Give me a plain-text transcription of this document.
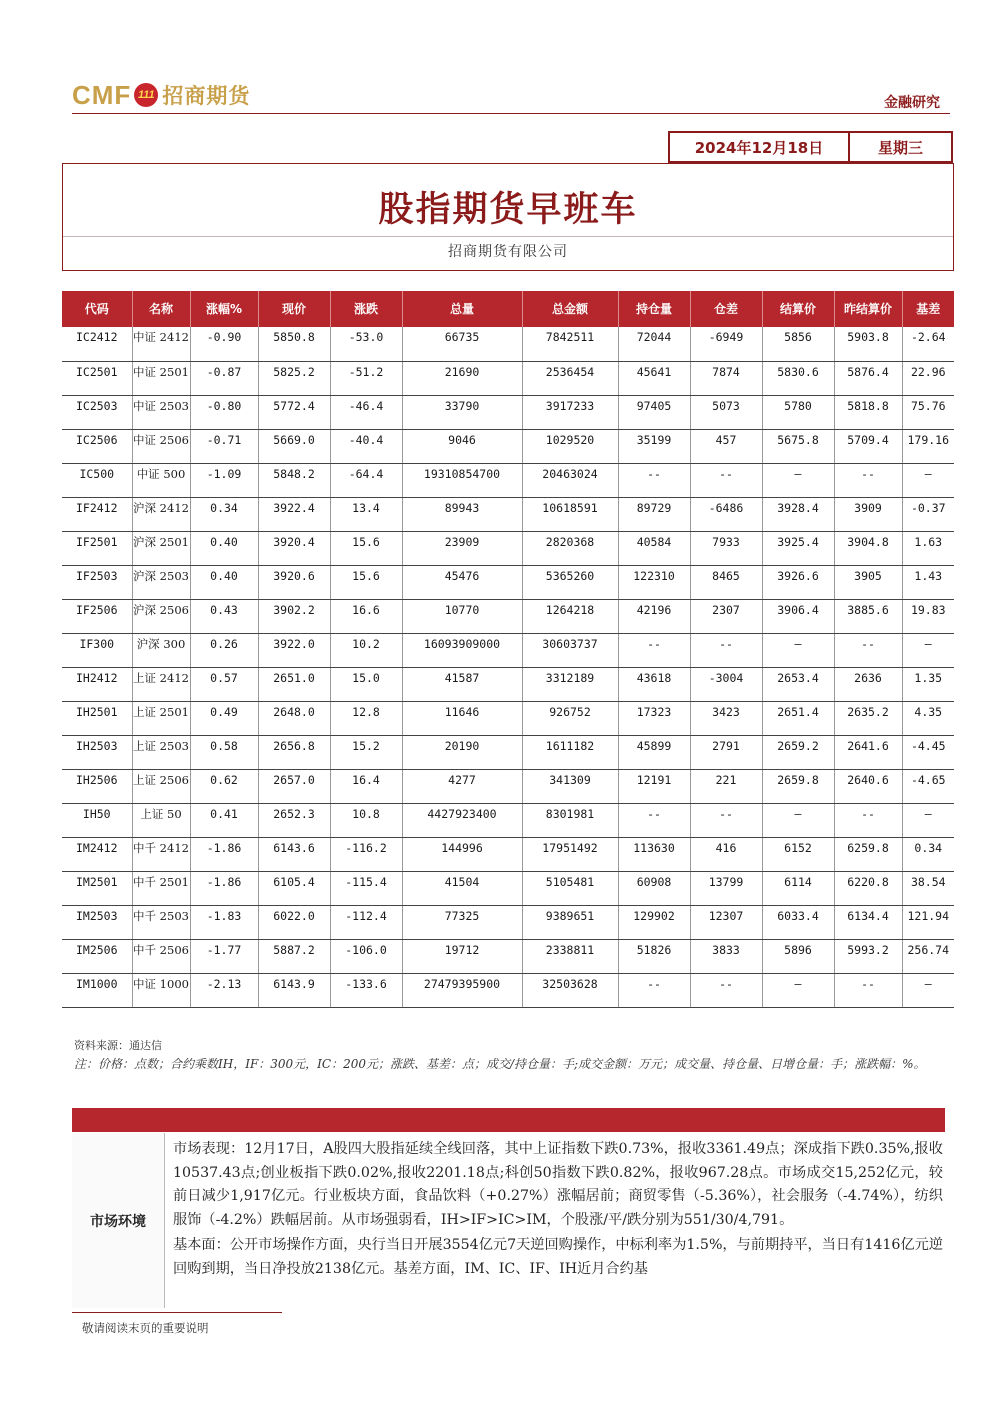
CMF 111 招商期货	金融研究
2024年12月18日	星期三
股指期货早班车
招商期货有限公司
代码	名称	涨幅%	现价	涨跌	总量	总金额	持仓量	仓差	结算价	昨结算价	基差
IC2412	中证 2412	-0.90	5850.8	-53.0	66735	7842511	72044	-6949	5856	5903.8	-2.64
IC2501	中证 2501	-0.87	5825.2	-51.2	21690	2536454	45641	7874	5830.6	5876.4	22.96
IC2503	中证 2503	-0.80	5772.4	-46.4	33790	3917233	97405	5073	5780	5818.8	75.76
IC2506	中证 2506	-0.71	5669.0	-40.4	9046	1029520	35199	457	5675.8	5709.4	179.16
IC500	中证 500	-1.09	5848.2	-64.4	19310854700	20463024	--	--	—	--	—
IF2412	沪深 2412	0.34	3922.4	13.4	89943	10618591	89729	-6486	3928.4	3909	-0.37
IF2501	沪深 2501	0.40	3920.4	15.6	23909	2820368	40584	7933	3925.4	3904.8	1.63
IF2503	沪深 2503	0.40	3920.6	15.6	45476	5365260	122310	8465	3926.6	3905	1.43
IF2506	沪深 2506	0.43	3902.2	16.6	10770	1264218	42196	2307	3906.4	3885.6	19.83
IF300	沪深 300	0.26	3922.0	10.2	16093909000	30603737	--	--	—	--	—
IH2412	上证 2412	0.57	2651.0	15.0	41587	3312189	43618	-3004	2653.4	2636	1.35
IH2501	上证 2501	0.49	2648.0	12.8	11646	926752	17323	3423	2651.4	2635.2	4.35
IH2503	上证 2503	0.58	2656.8	15.2	20190	1611182	45899	2791	2659.2	2641.6	-4.45
IH2506	上证 2506	0.62	2657.0	16.4	4277	341309	12191	221	2659.8	2640.6	-4.65
IH50	上证 50	0.41	2652.3	10.8	4427923400	8301981	--	--	—	--	—
IM2412	中千 2412	-1.86	6143.6	-116.2	144996	17951492	113630	416	6152	6259.8	0.34
IM2501	中千 2501	-1.86	6105.4	-115.4	41504	5105481	60908	13799	6114	6220.8	38.54
IM2503	中千 2503	-1.83	6022.0	-112.4	77325	9389651	129902	12307	6033.4	6134.4	121.94
IM2506	中千 2506	-1.77	5887.2	-106.0	19712	2338811	51826	3833	5896	5993.2	256.74
IM1000	中证 1000	-2.13	6143.9	-133.6	27479395900	32503628	--	--	—	--	—
资料来源：通达信
注：价格：点数；合约乘数IH，IF：300元，IC：200元；涨跌、基差：点；成交/持仓量：手;成交金额：万元；成交量、持仓量、日增仓量：手；涨跌幅：%。
市场环境

市场表现：12月17日，A股四大股指延续全线回落，其中上证指数下跌0.73%，报收3361.49点；深成指下跌0.35%,报收10537.43点;创业板指下跌0.02%,报收2201.18点;科创50指数下跌0.82%，报收967.28点。市场成交15,252亿元，较前日减少1,917亿元。行业板块方面，食品饮料（+0.27%）涨幅居前；商贸零售（-5.36%），社会服务（-4.74%），纺织服饰（-4.2%）跌幅居前。从市场强弱看，IH>IF>IC>IM，个股涨/平/跌分别为551/30/4,791。

基本面：公开市场操作方面，央行当日开展3554亿元7天逆回购操作，中标利率为1.5%，与前期持平，当日有1416亿元逆回购到期，当日净投放2138亿元。基差方面，IM、IC、IF、IH近月合约基

敬请阅读末页的重要说明
